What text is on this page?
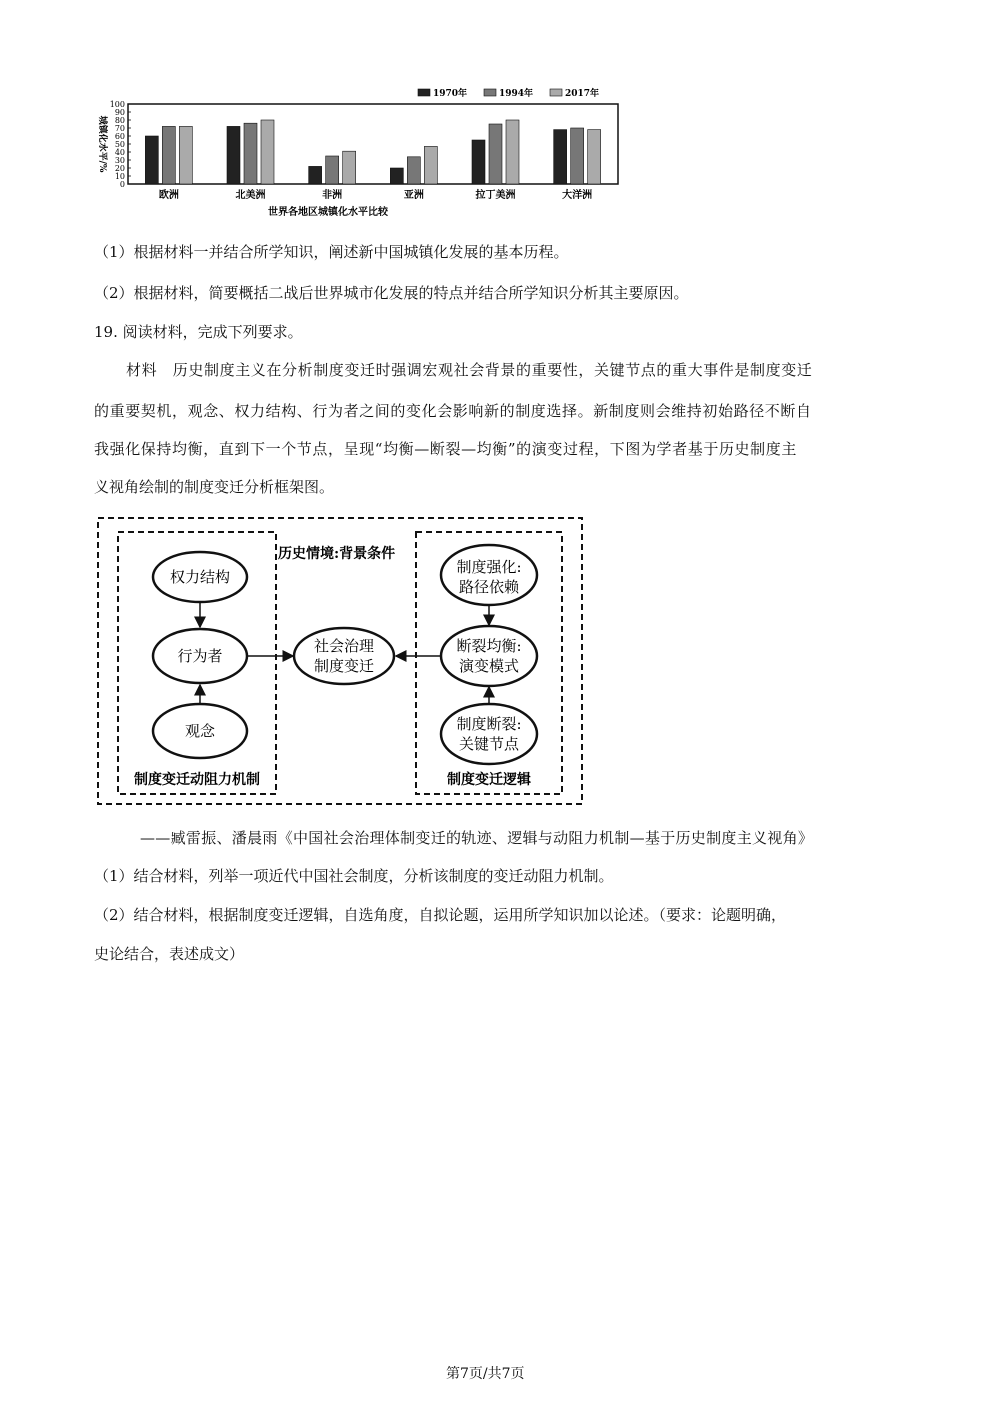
100
90
80
70
60
50
40
30
20
10
0
城镇化水平/%
欧洲	北美洲	非洲	亚洲	拉丁美洲	大洋洲
世界各地区城镇化水平比较
1970年	1994年	2017年
（1）根据材料一并结合所学知识，阐述新中国城镇化发展的基本历程。
（2）根据材料，简要概括二战后世界城市化发展的特点并结合所学知识分析其主要原因。
19. 阅读材料，完成下列要求。
材料　历史制度主义在分析制度变迁时强调宏观社会背景的重要性，关键节点的重大事件是制度变迁
的重要契机，观念、权力结构、行为者之间的变化会影响新的制度选择。新制度则会维持初始路径不断自
我强化保持均衡，直到下一个节点，呈现“均衡—断裂—均衡”的演变过程，下图为学者基于历史制度主
义视角绘制的制度变迁分析框架图。
历史情境:背景条件
权力结构
行为者
观念
制度变迁动阻力机制
社会治理
制度变迁
制度强化:
路径依赖
断裂均衡:
演变模式
制度断裂:
关键节点
制度变迁逻辑
——臧雷振、潘晨雨《中国社会治理体制变迁的轨迹、逻辑与动阻力机制—基于历史制度主义视角》
（1）结合材料，列举一项近代中国社会制度，分析该制度的变迁动阻力机制。
（2）结合材料，根据制度变迁逻辑，自选角度，自拟论题，运用所学知识加以论述。（要求：论题明确，
史论结合，表述成文）
第7页/共7页
